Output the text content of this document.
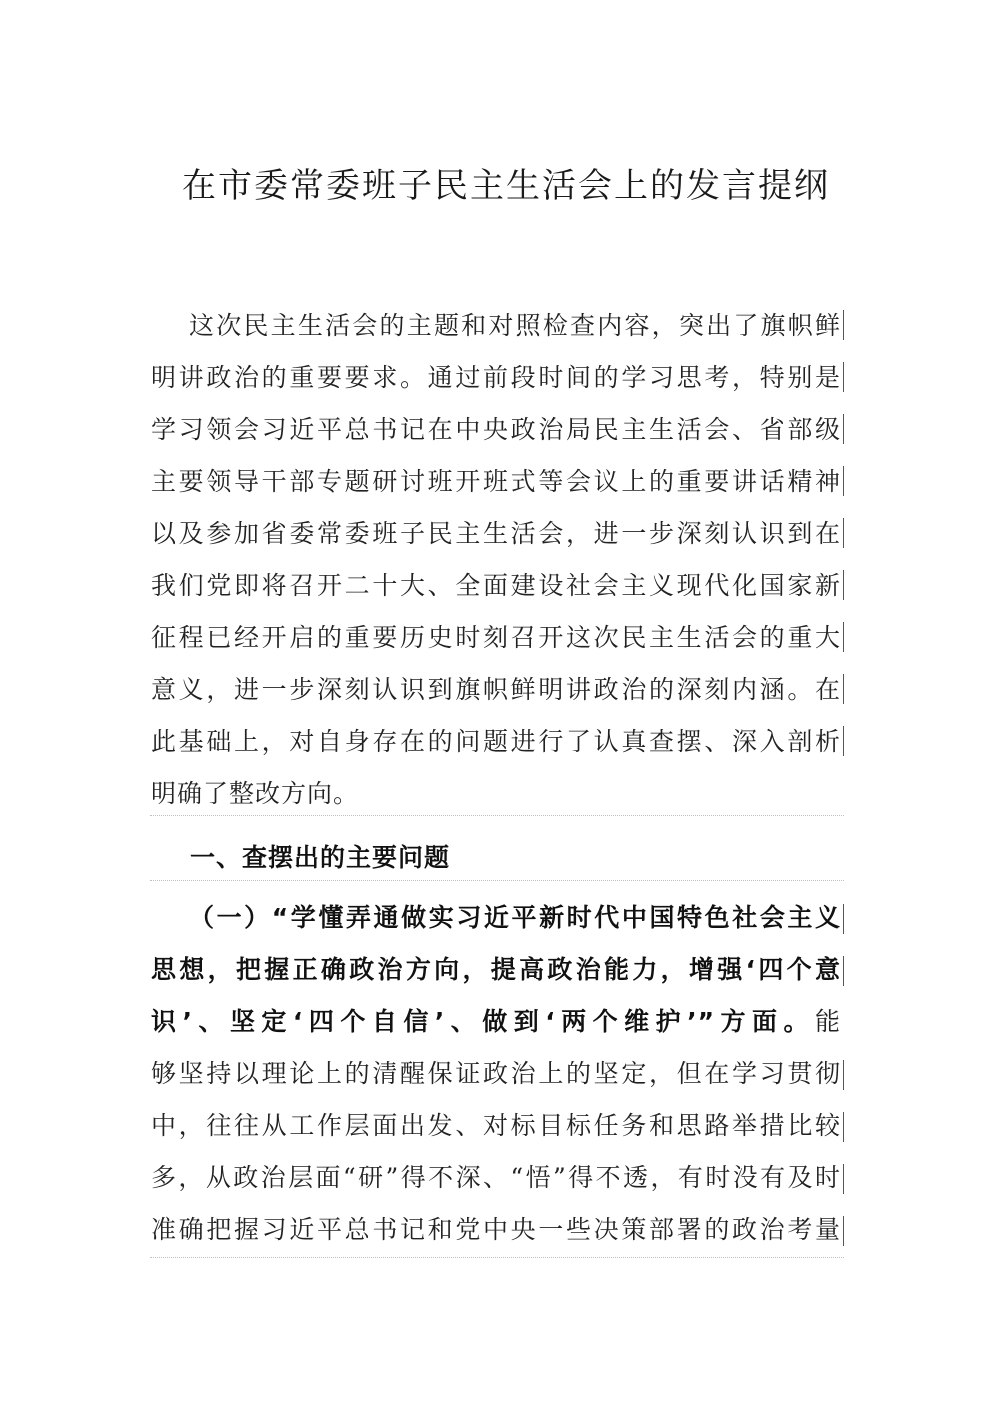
在市委常委班子民主生活会上的发言提纲
这次民主生活会的主题和对照检查内容，突出了旗帜鲜
明讲政治的重要要求。通过前段时间的学习思考，特别是
学习领会习近平总书记在中央政治局民主生活会、省部级
主要领导干部专题研讨班开班式等会议上的重要讲话精神
以及参加省委常委班子民主生活会，进一步深刻认识到在
我们党即将召开二十大、全面建设社会主义现代化国家新
征程已经开启的重要历史时刻召开这次民主生活会的重大
意义，进一步深刻认识到旗帜鲜明讲政治的深刻内涵。在
此基础上，对自身存在的问题进行了认真查摆、深入剖析
明确了整改方向。
一、查摆出的主要问题
（一）“学懂弄通做实习近平新时代中国特色社会主义
思想，把握正确政治方向，提高政治能力，增强‘四个意
识’、坚定‘四个自信’、做到‘两个维护’”方面。能
够坚持以理论上的清醒保证政治上的坚定，但在学习贯彻
中，往往从工作层面出发、对标目标任务和思路举措比较
多，从政治层面“研”得不深、“悟”得不透，有时没有及时
准确把握习近平总书记和党中央一些决策部署的政治考量
